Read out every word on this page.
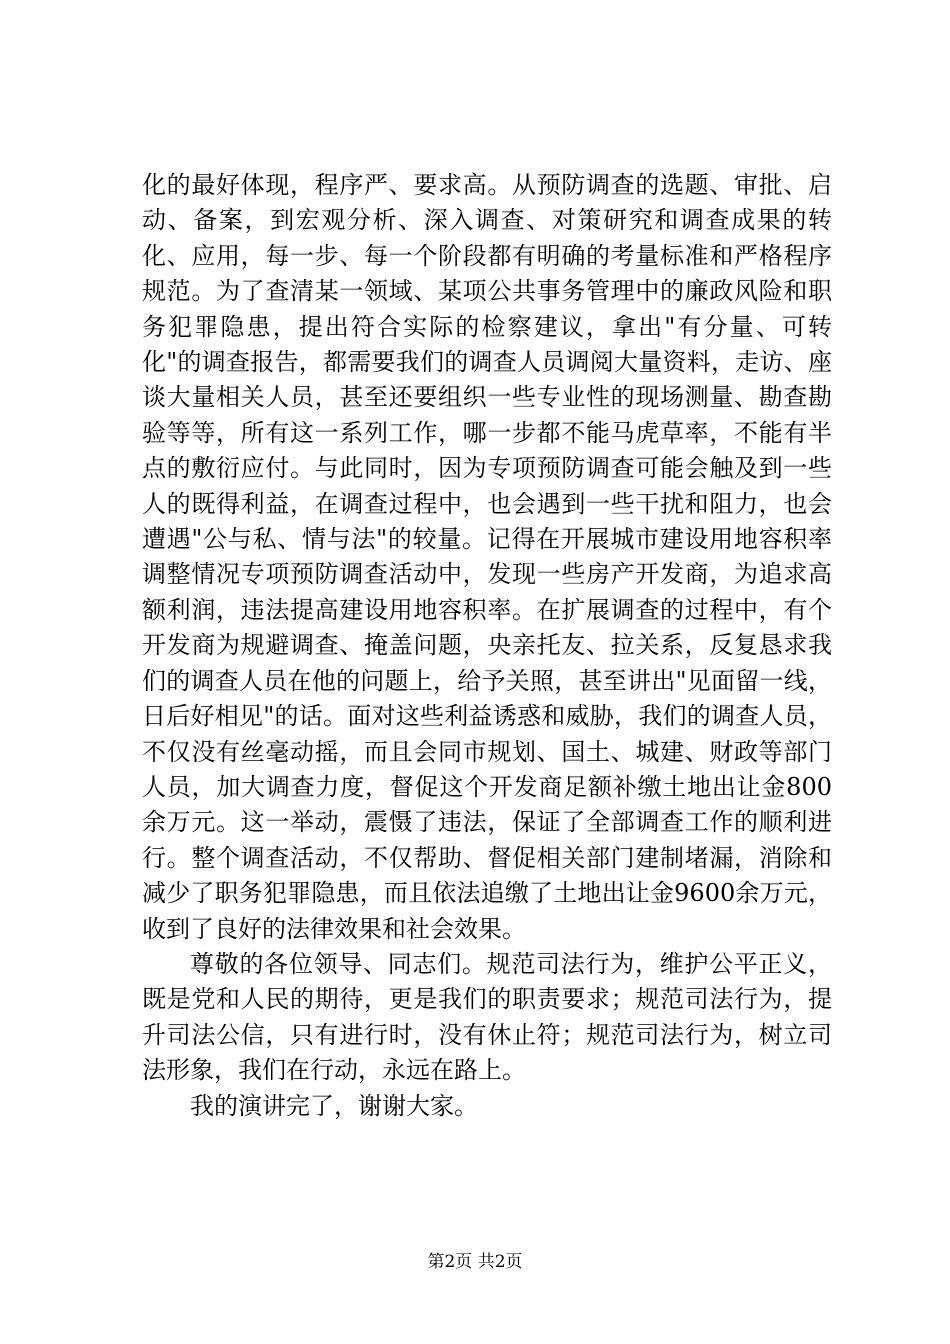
化的最好体现，程序严、要求高。从预防调查的选题、审批、启动、备案，到宏观分析、深入调查、对策研究和调查成果的转化、应用，每一步、每一个阶段都有明确的考量标准和严格程序规范。为了查清某一领域、某项公共事务管理中的廉政风险和职务犯罪隐患，提出符合实际的检察建议，拿出"有分量、可转化"的调查报告，都需要我们的调查人员调阅大量资料，走访、座谈大量相关人员，甚至还要组织一些专业性的现场测量、勘查勘验等等，所有这一系列工作，哪一步都不能马虎草率，不能有半点的敷衍应付。与此同时，因为专项预防调查可能会触及到一些人的既得利益，在调查过程中，也会遇到一些干扰和阻力，也会遭遇"公与私、情与法"的较量。记得在开展城市建设用地容积率调整情况专项预防调查活动中，发现一些房产开发商，为追求高额利润，违法提高建设用地容积率。在扩展调查的过程中，有个开发商为规避调查、掩盖问题，央亲托友、拉关系，反复恳求我们的调查人员在他的问题上，给予关照，甚至讲出"见面留一线，日后好相见"的话。面对这些利益诱惑和威胁，我们的调查人员，不仅没有丝毫动摇，而且会同市规划、国土、城建、财政等部门人员，加大调查力度，督促这个开发商足额补缴土地出让金800余万元。这一举动，震慑了违法，保证了全部调查工作的顺利进行。整个调查活动，不仅帮助、督促相关部门建制堵漏，消除和减少了职务犯罪隐患，而且依法追缴了土地出让金9600余万元，收到了良好的法律效果和社会效果。

尊敬的各位领导、同志们。规范司法行为，维护公平正义，既是党和人民的期待，更是我们的职责要求；规范司法行为，提升司法公信，只有进行时，没有休止符；规范司法行为，树立司法形象，我们在行动，永远在路上。

我的演讲完了，谢谢大家。

第2页 共2页
